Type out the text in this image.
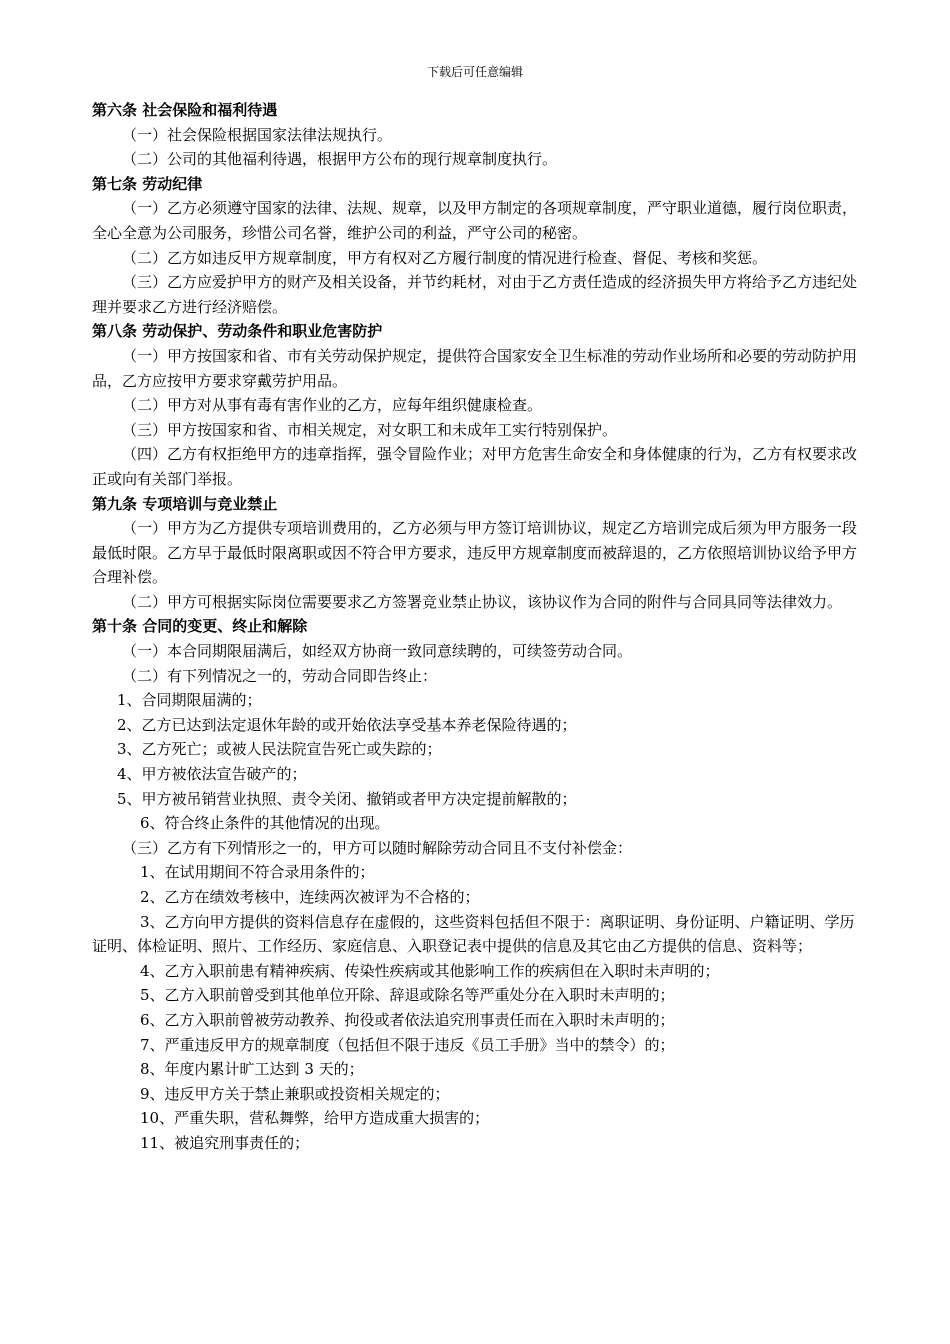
下载后可任意编辑

第六条 社会保险和福利待遇

（一）社会保险根据国家法律法规执行。

（二）公司的其他福利待遇，根据甲方公布的现行规章制度执行。

第七条 劳动纪律

（一）乙方必须遵守国家的法律、法规、规章，以及甲方制定的各项规章制度，严守职业道德，履行岗位职责，全心全意为公司服务，珍惜公司名誉，维护公司的利益，严守公司的秘密。

（二）乙方如违反甲方规章制度，甲方有权对乙方履行制度的情况进行检查、督促、考核和奖惩。

（三）乙方应爱护甲方的财产及相关设备，并节约耗材，对由于乙方责任造成的经济损失甲方将给予乙方违纪处理并要求乙方进行经济赔偿。

第八条 劳动保护、劳动条件和职业危害防护

（一）甲方按国家和省、市有关劳动保护规定，提供符合国家安全卫生标准的劳动作业场所和必要的劳动防护用品，乙方应按甲方要求穿戴劳护用品。

（二）甲方对从事有毒有害作业的乙方，应每年组织健康检查。

（三）甲方按国家和省、市相关规定，对女职工和未成年工实行特别保护。

（四）乙方有权拒绝甲方的违章指挥，强令冒险作业；对甲方危害生命安全和身体健康的行为，乙方有权要求改正或向有关部门举报。

第九条 专项培训与竞业禁止

（一）甲方为乙方提供专项培训费用的，乙方必须与甲方签订培训协议，规定乙方培训完成后须为甲方服务一段最低时限。乙方早于最低时限离职或因不符合甲方要求，违反甲方规章制度而被辞退的，乙方依照培训协议给予甲方合理补偿。

（二）甲方可根据实际岗位需要要求乙方签署竞业禁止协议，该协议作为合同的附件与合同具同等法律效力。

第十条 合同的变更、终止和解除

（一）本合同期限届满后，如经双方协商一致同意续聘的，可续签劳动合同。

（二）有下列情况之一的，劳动合同即告终止：

1、合同期限届满的；

2、乙方已达到法定退休年龄的或开始依法享受基本养老保险待遇的；

3、乙方死亡；或被人民法院宣告死亡或失踪的；

4、甲方被依法宣告破产的；

5、甲方被吊销营业执照、责令关闭、撤销或者甲方决定提前解散的；

6、符合终止条件的其他情况的出现。

（三）乙方有下列情形之一的，甲方可以随时解除劳动合同且不支付补偿金：

1、在试用期间不符合录用条件的；

2、乙方在绩效考核中，连续两次被评为不合格的；

3、乙方向甲方提供的资料信息存在虚假的，这些资料包括但不限于：离职证明、身份证明、户籍证明、学历证明、体检证明、照片、工作经历、家庭信息、入职登记表中提供的信息及其它由乙方提供的信息、资料等；

4、乙方入职前患有精神疾病、传染性疾病或其他影响工作的疾病但在入职时未声明的；

5、乙方入职前曾受到其他单位开除、辞退或除名等严重处分在入职时未声明的；

6、乙方入职前曾被劳动教养、拘役或者依法追究刑事责任而在入职时未声明的；

7、严重违反甲方的规章制度（包括但不限于违反《员工手册》当中的禁令）的；

8、年度内累计旷工达到 3 天的；

9、违反甲方关于禁止兼职或投资相关规定的；

10、严重失职，营私舞弊，给甲方造成重大损害的；

11、被追究刑事责任的；
